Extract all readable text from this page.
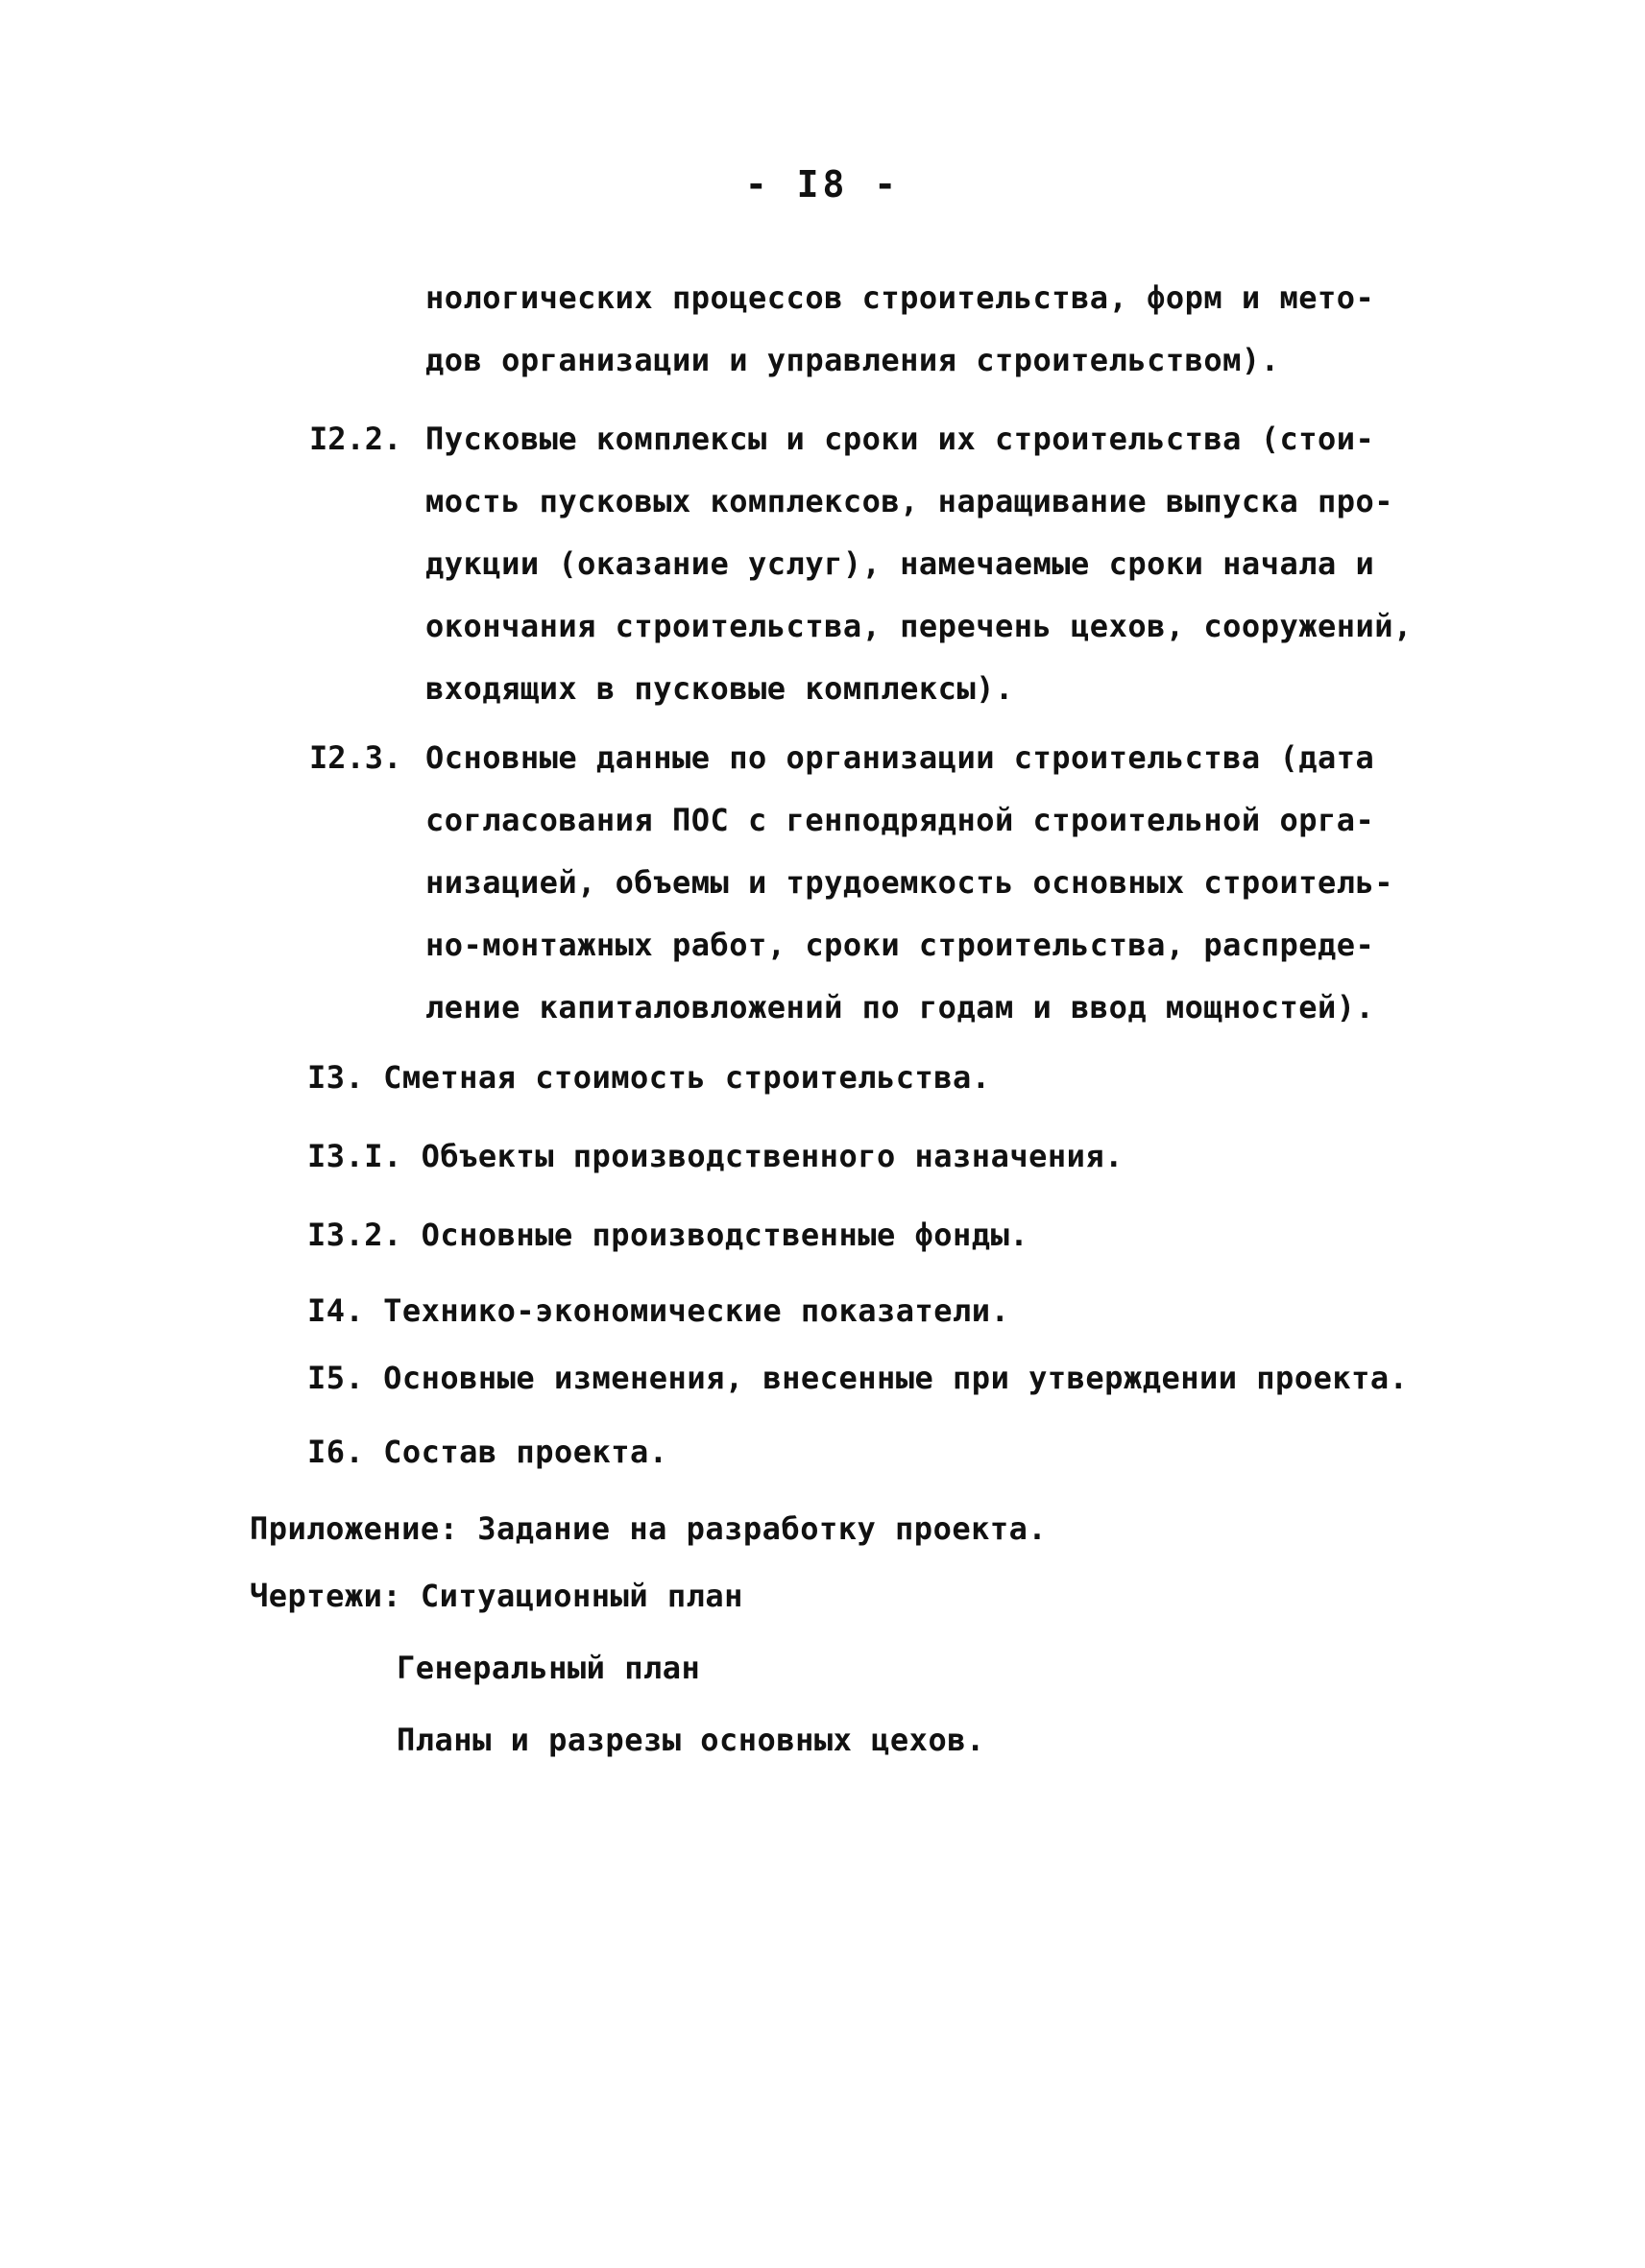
- I8 -
нологических процессов строительства, форм и мето-
дов организации и управления строительством).
I2.2. Пусковые комплексы и сроки их строительства (стои-
мость пусковых комплексов, наращивание выпуска про-
дукции (оказание услуг), намечаемые сроки начала и
окончания строительства, перечень цехов, сооружений,
входящих в пусковые комплексы).
I2.3. Основные данные по организации строительства (дата
согласования ПОС с генподрядной строительной орга-
низацией, объемы и трудоемкость основных строитель-
но-монтажных работ, сроки строительства, распреде-
ление капиталовложений по годам и ввод мощностей).
I3. Сметная стоимость строительства.
I3.I. Объекты производственного назначения.
I3.2. Основные производственные фонды.
I4. Технико-экономические показатели.
I5. Основные изменения, внесенные при утверждении проекта.
I6. Состав проекта.
Приложение: Задание на разработку проекта.
Чертежи: Ситуационный план
Генеральный план
Планы и разрезы основных цехов.
